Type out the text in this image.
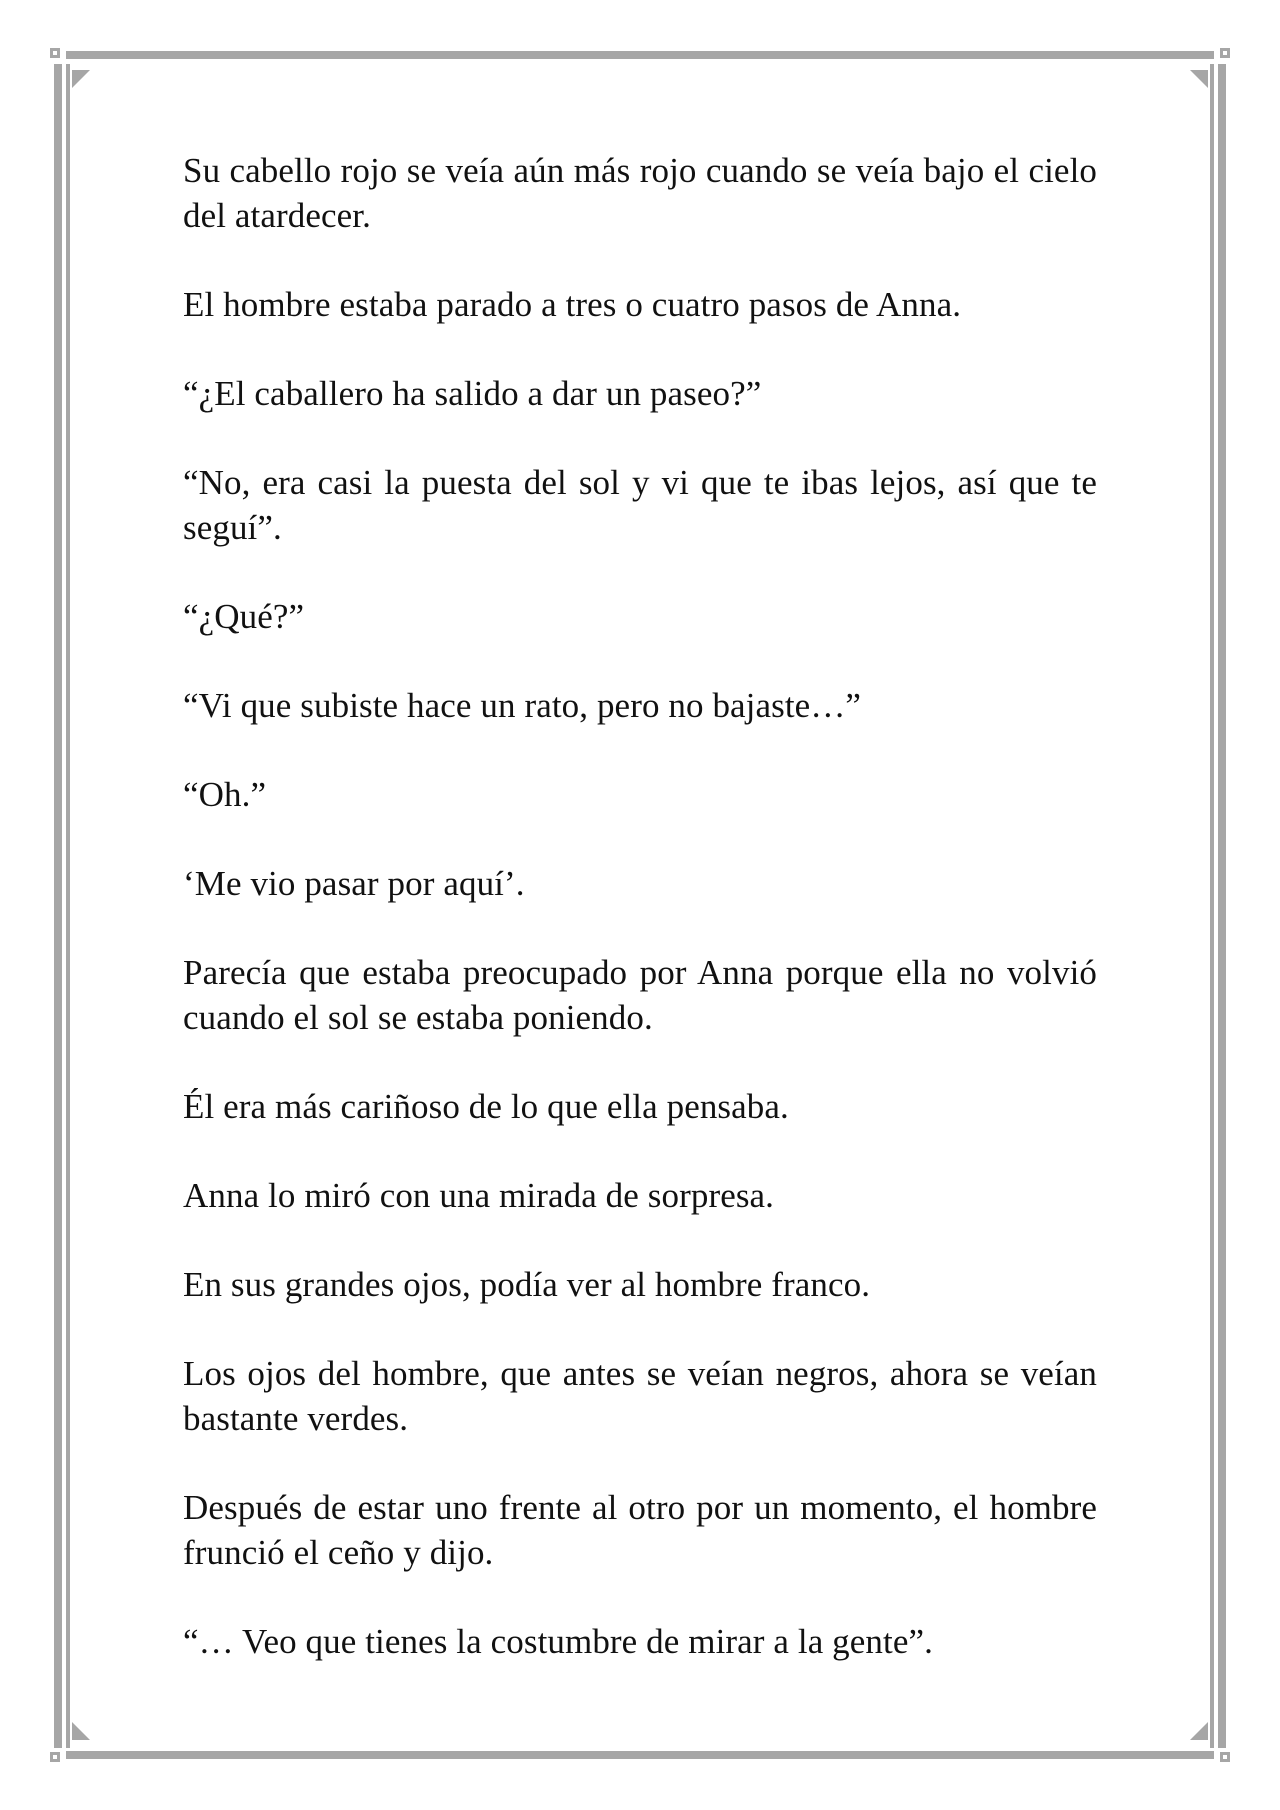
Su cabello rojo se veía aún más rojo cuando se veía bajo el cielo del atardecer.

El hombre estaba parado a tres o cuatro pasos de Anna.

“¿El caballero ha salido a dar un paseo?”

“No, era casi la puesta del sol y vi que te ibas lejos, así que te seguí”.

“¿Qué?”

“Vi que subiste hace un rato, pero no bajaste…”

“Oh.”

‘Me vio pasar por aquí’.

Parecía que estaba preocupado por Anna porque ella no volvió cuando el sol se estaba poniendo.

Él era más cariñoso de lo que ella pensaba.

Anna lo miró con una mirada de sorpresa.

En sus grandes ojos, podía ver al hombre franco.

Los ojos del hombre, que antes se veían negros, ahora se veían bastante verdes.

Después de estar uno frente al otro por un momento, el hombre frunció el ceño y dijo.

“… Veo que tienes la costumbre de mirar a la gente”.
